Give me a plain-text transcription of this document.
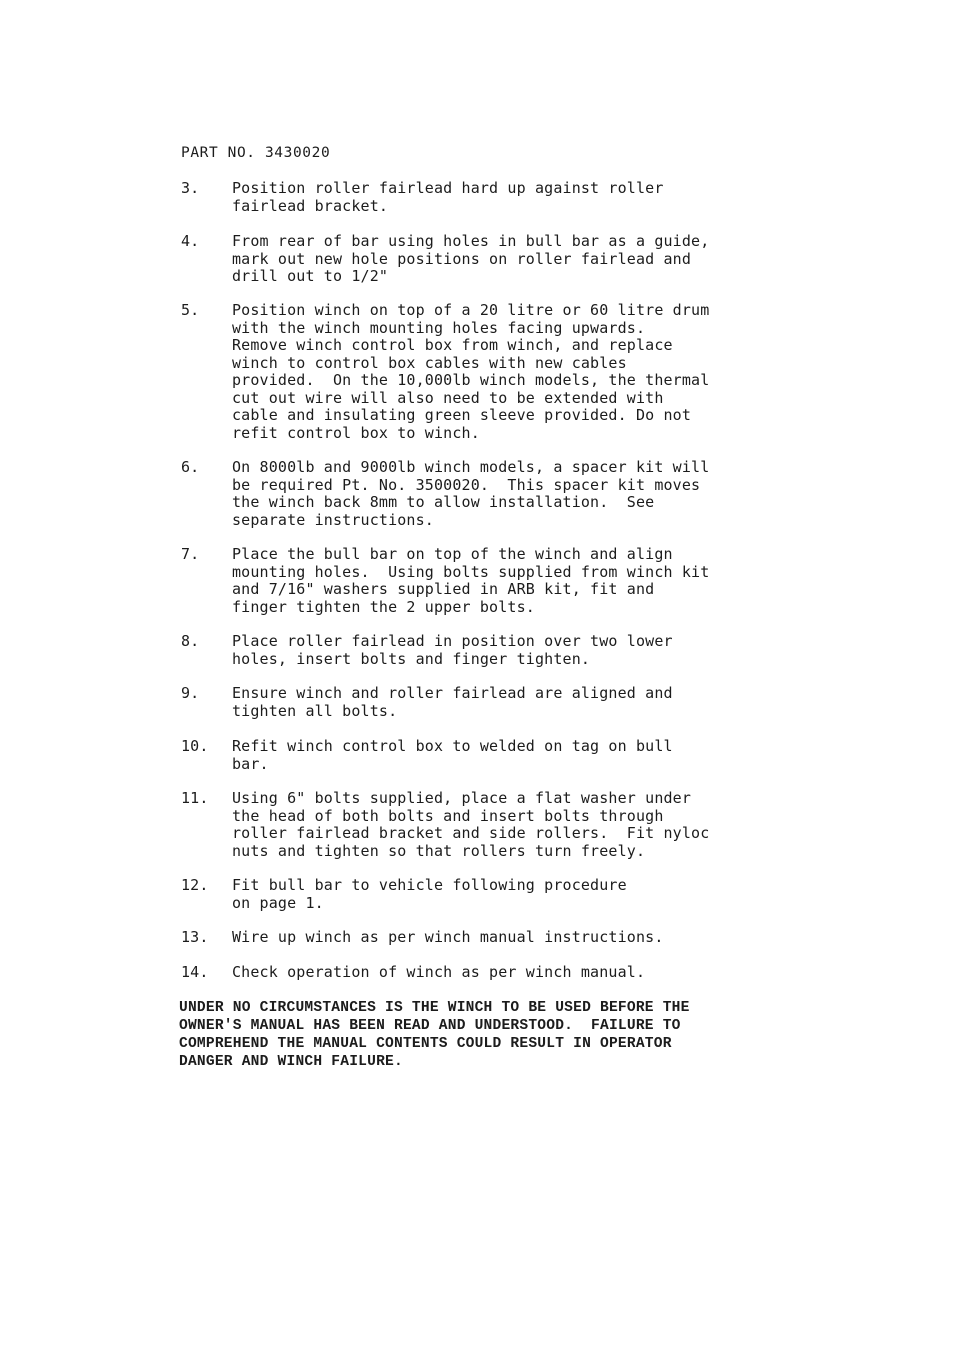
PART NO. 3430020
3. Position roller fairlead hard up against roller
fairlead bracket.
4. From rear of bar using holes in bull bar as a guide,
mark out new hole positions on roller fairlead and
drill out to 1/2"
5. Position winch on top of a 20 litre or 60 litre drum
with the winch mounting holes facing upwards.
Remove winch control box from winch, and replace
winch to control box cables with new cables
provided.  On the 10,000lb winch models, the thermal
cut out wire will also need to be extended with
cable and insulating green sleeve provided. Do not
refit control box to winch.
6. On 8000lb and 9000lb winch models, a spacer kit will
be required Pt. No. 3500020.  This spacer kit moves
the winch back 8mm to allow installation.  See
separate instructions.
7. Place the bull bar on top of the winch and align
mounting holes.  Using bolts supplied from winch kit
and 7/16" washers supplied in ARB kit, fit and
finger tighten the 2 upper bolts.
8. Place roller fairlead in position over two lower
holes, insert bolts and finger tighten.
9. Ensure winch and roller fairlead are aligned and
tighten all bolts.
10. Refit winch control box to welded on tag on bull
bar.
11. Using 6" bolts supplied, place a flat washer under
the head of both bolts and insert bolts through
roller fairlead bracket and side rollers.  Fit nyloc
nuts and tighten so that rollers turn freely.
12. Fit bull bar to vehicle following procedure
on page 1.
13. Wire up winch as per winch manual instructions.
14. Check operation of winch as per winch manual.
UNDER NO CIRCUMSTANCES IS THE WINCH TO BE USED BEFORE THE
OWNER'S MANUAL HAS BEEN READ AND UNDERSTOOD.  FAILURE TO
COMPREHEND THE MANUAL CONTENTS COULD RESULT IN OPERATOR
DANGER AND WINCH FAILURE.
